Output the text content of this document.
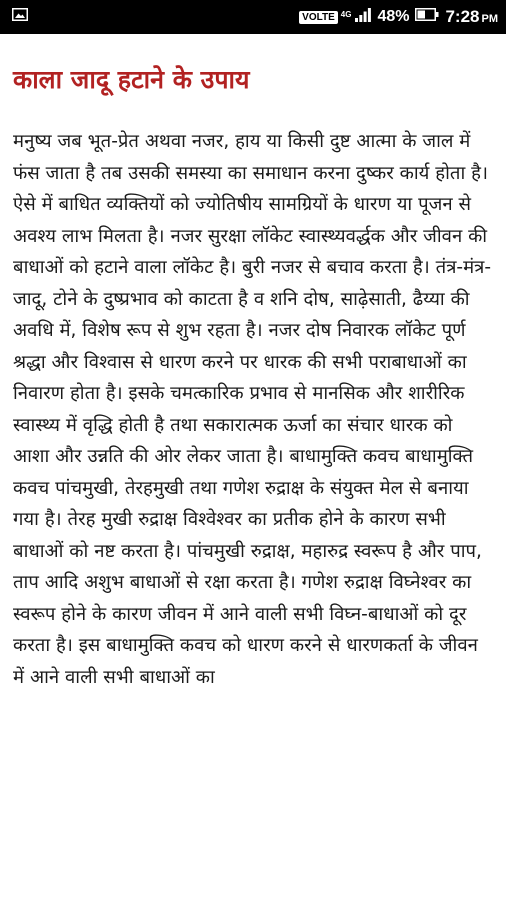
VOLTE 4G 48% 7:28 PM
काला जादू हटाने के उपाय

मनुष्य जब भूत-प्रेत अथवा नजर, हाय या किसी दुष्ट आत्मा के जाल में फंस जाता है तब उसकी समस्या का समाधान करना दुष्कर कार्य होता है। ऐसे में बाधित व्यक्तियों को ज्योतिषीय सामग्रियों के धारण या पूजन से अवश्य लाभ मिलता है। नजर सुरक्षा लॉकेट स्वास्थ्यवर्द्धक और जीवन की बाधाओं को हटाने वाला लॉकेट है। बुरी नजर से बचाव करता है। तंत्र-मंत्र-जादू, टोने के दुष्प्रभाव को काटता है व शनि दोष, साढ़ेसाती, ढैय्या की अवधि में, विशेष रूप से शुभ रहता है। नजर दोष निवारक लॉकेट पूर्ण श्रद्धा और विश्वास से धारण करने पर धारक की सभी पराबाधाओं का निवारण होता है। इसके चमत्कारिक प्रभाव से मानसिक और शारीरिक स्वास्थ्य में वृद्धि होती है तथा सकारात्मक ऊर्जा का संचार धारक को आशा और उन्नति की ओर लेकर जाता है। बाधामुक्ति कवच बाधामुक्ति कवच पांचमुखी, तेरहमुखी तथा गणेश रुद्राक्ष के संयुक्त मेल से बनाया गया है। तेरह मुखी रुद्राक्ष विश्वेश्वर का प्रतीक होने के कारण सभी बाधाओं को नष्ट करता है। पांचमुखी रुद्राक्ष, महारुद्र स्वरूप है और पाप, ताप आदि अशुभ बाधाओं से रक्षा करता है। गणेश रुद्राक्ष विघ्नेश्वर का स्वरूप होने के कारण जीवन में आने वाली सभी विघ्न-बाधाओं को दूर करता है। इस बाधामुक्ति कवच को धारण करने से धारणकर्ता के जीवन में आने वाली सभी बाधाओं का
